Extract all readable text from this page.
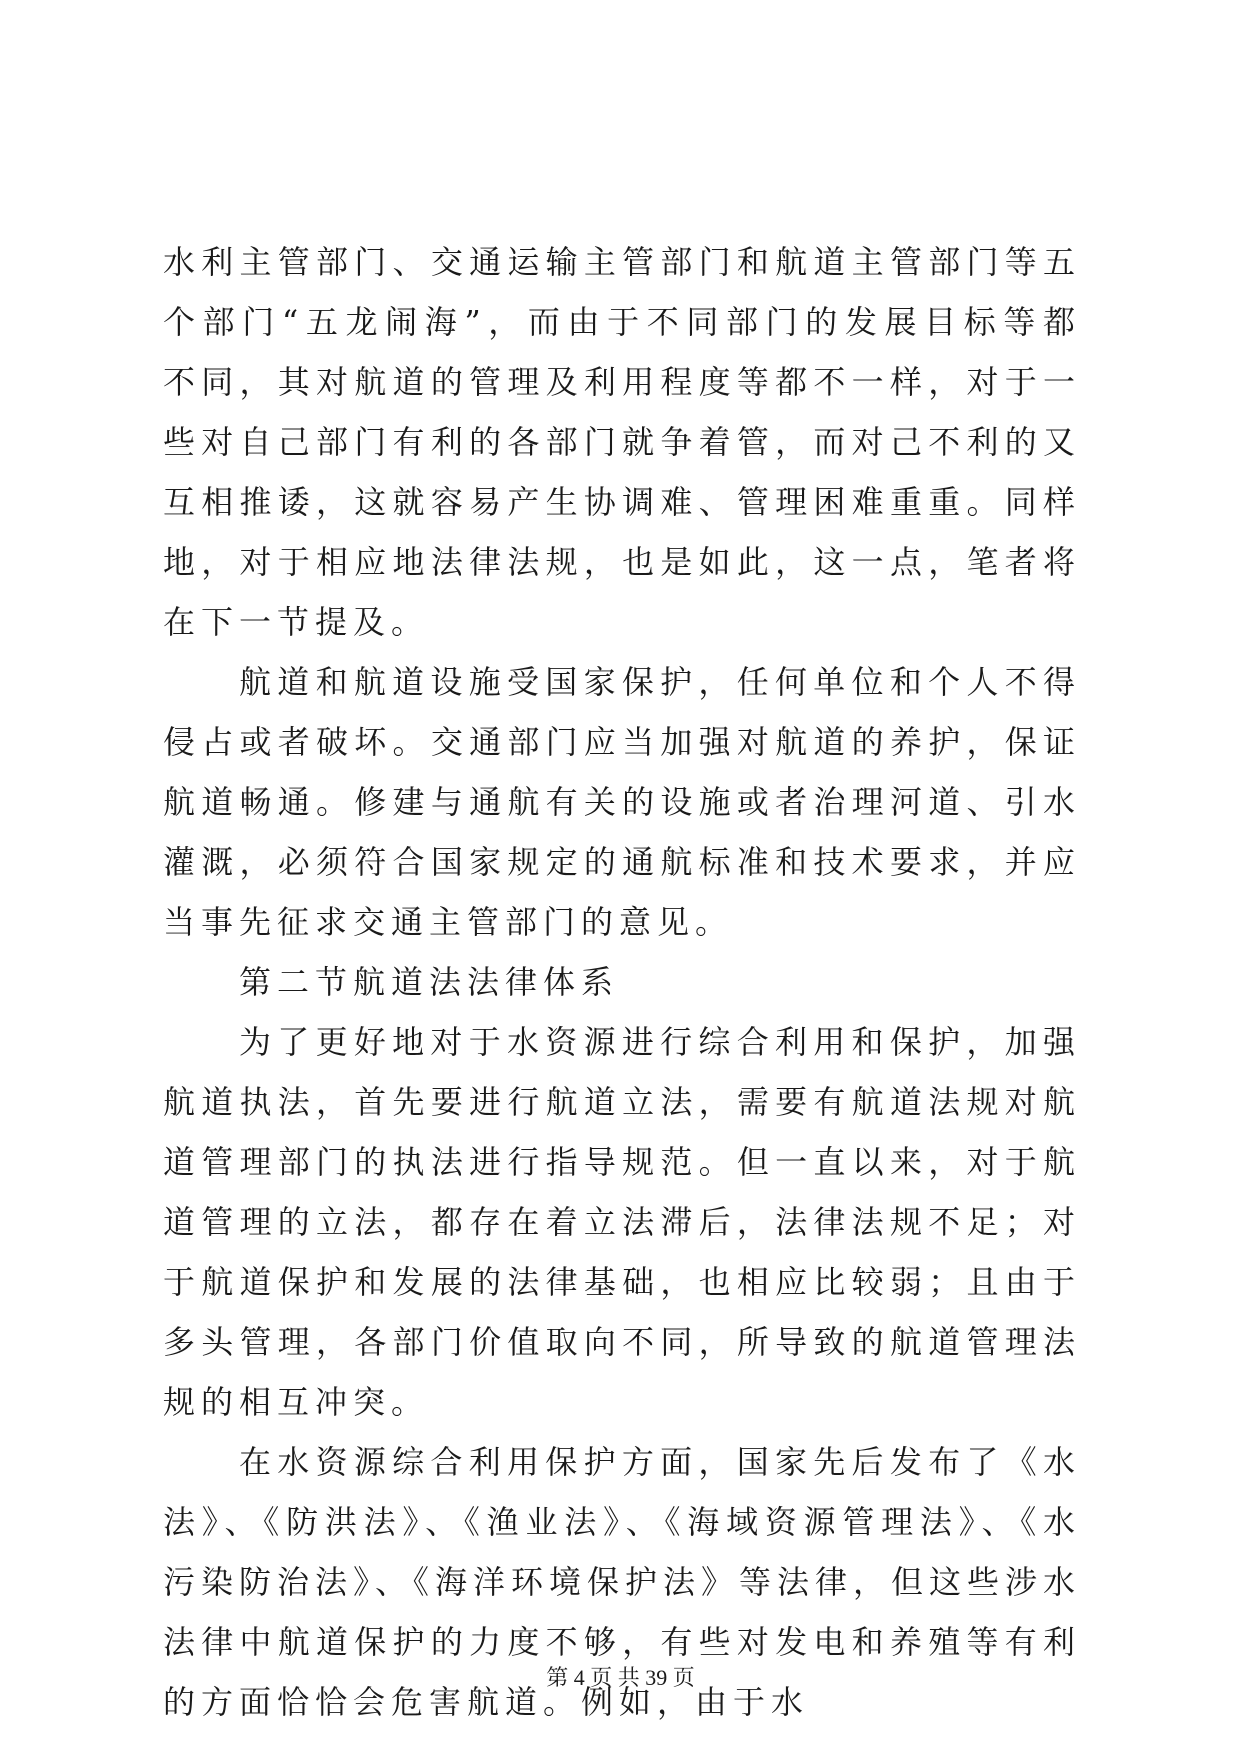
水利主管部门、交通运输主管部门和航道主管部门等五个部门“五龙闹海”，而由于不同部门的发展目标等都不同，其对航道的管理及利用程度等都不一样，对于一些对自己部门有利的各部门就争着管，而对己不利的又互相推诿，这就容易产生协调难、管理困难重重。同样地，对于相应地法律法规，也是如此，这一点，笔者将在下一节提及。

航道和航道设施受国家保护，任何单位和个人不得侵占或者破坏。交通部门应当加强对航道的养护，保证航道畅通。修建与通航有关的设施或者治理河道、引水灌溉，必须符合国家规定的通航标准和技术要求，并应当事先征求交通主管部门的意见。

第二节航道法法律体系

为了更好地对于水资源进行综合利用和保护，加强航道执法，首先要进行航道立法，需要有航道法规对航道管理部门的执法进行指导规范。但一直以来，对于航道管理的立法，都存在着立法滞后，法律法规不足；对于航道保护和发展的法律基础，也相应比较弱；且由于多头管理，各部门价值取向不同，所导致的航道管理法规的相互冲突。

在水资源综合利用保护方面，国家先后发布了《水法》、《防洪法》、《渔业法》、《海域资源管理法》、《水污染防治法》、《海洋环境保护法》等法律，但这些涉水法律中航道保护的力度不够，有些对发电和养殖等有利的方面恰恰会危害航道。例如，由于水

第 4 页 共 39 页
